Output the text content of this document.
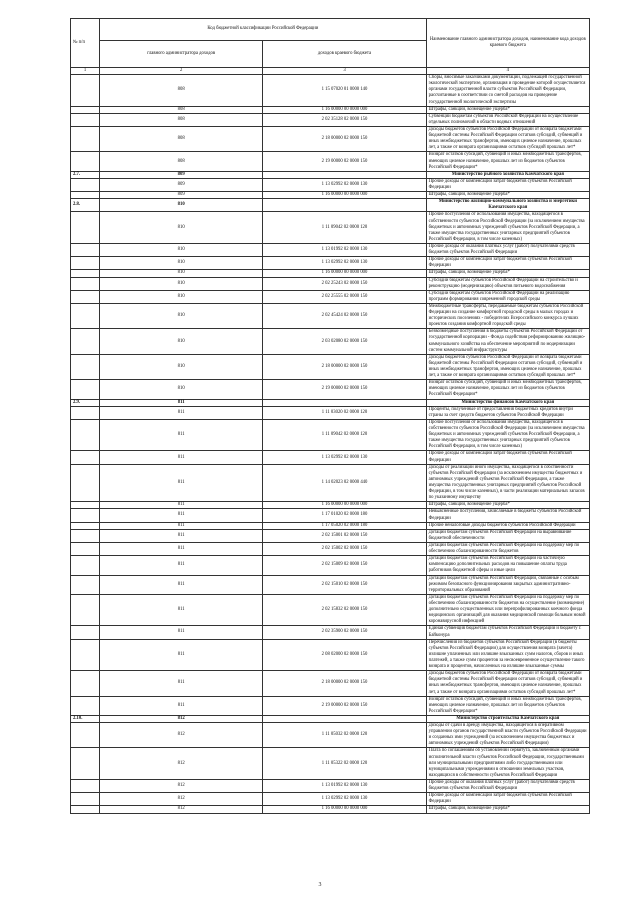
№ п/п	Код бюджетной классификации Российской Федерации		Наименование главного администратора доходов, наименование кода доходов краевого бюджета
	главного администратора доходов	доходов краевого бюджета	
1	2	3	4
	808	1 15 07020 01 0000 140	Сборы, вносимые заказчиками документации, подлежащей государственной экологической экспертизе, организация и проведение которой осуществляется органами государственной власти субъектов Российской Федерации, рассчитанные в соответствии со сметой расходов на проведение государственной экологической экспертизы
	808	1 16 00000 00 0000 000	Штрафы, санкции, возмещение ущерба*
	808	2 02 35128 02 0000 150	Субвенции бюджетам субъектов Российской Федерации на осуществление отдельных полномочий в области водных отношений
	808	2 18 00000 02 0000 150	Доходы бюджетов субъектов Российской Федерации от возврата бюджетами бюджетной системы Российской Федерации остатков субсидий, субвенций и иных межбюджетных трансфертов, имеющих целевое назначение, прошлых лет, а также от возврата организациями остатков субсидий прошлых лет*
	808	2 19 00000 02 0000 150	Возврат остатков субсидий, субвенций и иных межбюджетных трансфертов, имеющих целевое назначение, прошлых лет из бюджетов субъектов Российской Федерации*
2.7.	809		Министерство рыбного хозяйства Камчатского края
	809	1 13 02992 02 0000 130	Прочие доходы от компенсации затрат бюджетов субъектов Российской Федерации
	809	1 16 00000 00 0000 000	Штрафы, санкции, возмещение ущерба*
2.8.	810		Министерство жилищно-коммунального хозяйства и энергетики Камчатского края
	810	1 11 09042 02 0000 120	Прочие поступления от использования имущества, находящегося в собственности субъектов Российской Федерации (за исключением имущества бюджетных и автономных учреждений субъектов Российской Федерации, а также имущества государственных унитарных предприятий субъектов Российской Федерации, в том числе казенных)
	810	1 13 01992 02 0000 130	Прочие доходы от оказания платных услуг (работ) получателями средств бюджетов субъектов Российской Федерации
	810	1 13 02992 02 0000 130	Прочие доходы от компенсации затрат бюджетов субъектов Российской Федерации
	810	1 16 00000 00 0000 000	Штрафы, санкции, возмещение ущерба*
	810	2 02 25243 02 0000 150	Субсидии бюджетам субъектов Российской Федерации на строительство и реконструкцию (модернизацию) объектов питьевого водоснабжения
	810	2 02 25555 02 0000 150	Субсидии бюджетам субъектов Российской Федерации на реализацию программ формирования современной городской среды
	810	2 02 45424 02 0000 150	Межбюджетные трансферты, передаваемые бюджетам субъектов Российской Федерации на создание комфортной городской среды в малых городах и исторических поселениях - победителях Всероссийского конкурса лучших проектов создания комфортной городской среды
	810	2 03 02080 02 0000 150	Безвозмездные поступления в бюджеты субъектов Российской Федерации от государственной корпорации - Фонда содействия реформированию жилищно-коммунального хозяйства на обеспечение мероприятий по модернизации систем коммунальной инфраструктуры
	810	2 18 00000 02 0000 150	Доходы бюджетов субъектов Российской Федерации от возврата бюджетами бюджетной системы Российской Федерации остатков субсидий, субвенций и иных межбюджетных трансфертов, имеющих целевое назначение, прошлых лет, а также от возврата организациями остатков субсидий прошлых лет*
	810	2 19 00000 02 0000 150	Возврат остатков субсидий, субвенций и иных межбюджетных трансфертов, имеющих целевое назначение, прошлых лет из бюджетов субъектов Российской Федерации*
2.9.	811		Министерство финансов Камчатского края
	811	1 11 03020 02 0000 120	Проценты, полученные от предоставления бюджетных кредитов внутри страны за счет средств бюджетов субъектов Российской Федерации
	811	1 11 09042 02 0000 120	Прочие поступления от использования имущества, находящегося в собственности субъектов Российской Федерации (за исключением имущества бюджетных и автономных учреждений субъектов Российской Федерации, а также имущества государственных унитарных предприятий субъектов Российской Федерации, в том числе казенных)
	811	1 13 02992 02 0000 130	Прочие доходы от компенсации затрат бюджетов субъектов Российской Федерации
	811	1 14 02023 02 0000 440	Доходы от реализации иного имущества, находящегося в собственности субъектов Российской Федерации (за исключением имущества бюджетных и автономных учреждений субъектов Российской Федерации, а также имущества государственных унитарных предприятий субъектов Российской Федерации, в том числе казенных), в части реализации материальных запасов по указанному имуществу
	811	1 16 00000 00 0000 000	Штрафы, санкции, возмещение ущерба*
	811	1 17 01020 02 0000 180	Невыясненные поступления, зачисляемые в бюджеты субъектов Российской Федерации
	811	1 17 05020 02 0000 180	Прочие неналоговые доходы бюджетов субъектов Российской Федерации
	811	2 02 15001 02 0000 150	Дотации бюджетам субъектов Российской Федерации на выравнивание бюджетной обеспеченности
	811	2 02 15002 02 0000 150	Дотации бюджетам субъектов Российской Федерации на поддержку мер по обеспечению сбалансированности бюджетов
	811	2 02 15009 02 0000 150	Дотации бюджетам субъектов Российской Федерации на частичную компенсацию дополнительных расходов на повышение оплаты труда работников бюджетной сферы и иные цели
	811	2 02 15010 02 0000 150	Дотации бюджетам субъектов Российской Федерации, связанные с особым режимом безопасного функционирования закрытых административно-территориальных образований
	811	2 02 15832 02 0000 150	Дотации бюджетам субъектов Российской Федерации на поддержку мер по обеспечению сбалансированности бюджетов на осуществление (возмещение) дополнительно осуществленных или перепрофилированных коечного фонда медицинских организаций для оказания медицинской помощи больным новой коронавирусной инфекцией
	811	2 02 35900 02 0000 150	Единая субвенция бюджетам субъектов Российской Федерации и бюджету г. Байконура
	811	2 08 02000 02 0000 150	Перечисления из бюджетов субъектов Российской Федерации (в бюджеты субъектов Российской Федерации) для осуществления возврата (зачета) излишне уплаченных или излишне взысканных сумм налогов, сборов и иных платежей, а также сумм процентов за несвоевременное осуществление такого возврата и процентов, начисленных на излишне взысканные суммы
	811	2 18 00000 02 0000 150	Доходы бюджетов субъектов Российской Федерации от возврата бюджетами бюджетной системы Российской Федерации остатков субсидий, субвенций и иных межбюджетных трансфертов, имеющих целевое назначение, прошлых лет, а также от возврата организациями остатков субсидий прошлых лет*
	811	2 19 00000 02 0000 150	Возврат остатков субсидий, субвенций и иных межбюджетных трансфертов, имеющих целевое назначение, прошлых лет из бюджетов субъектов Российской Федерации*
2.10.	812		Министерство строительства Камчатского края
	812	1 11 05032 02 0000 120	Доходы от сдачи в аренду имущества, находящегося в оперативном управлении органов государственной власти субъектов Российской Федерации и созданных ими учреждений (за исключением имущества бюджетных и автономных учреждений субъектов Российской Федерации)
	812	1 11 05322 02 0000 120	Плата по соглашениям об установлении сервитута, заключенным органами исполнительной власти субъектов Российской Федерации, государственными или муниципальными предприятиями либо государственными или муниципальными учреждениями в отношении земельных участков, находящихся в собственности субъектов Российской Федерации
	812	1 13 01992 02 0000 130	Прочие доходы от оказания платных услуг (работ) получателями средств бюджетов субъектов Российской Федерации
	812	1 13 02992 02 0000 130	Прочие доходы от компенсации затрат бюджетов субъектов Российской Федерации
	812	1 16 00000 00 0000 000	Штрафы, санкции, возмещение ущерба*
3
